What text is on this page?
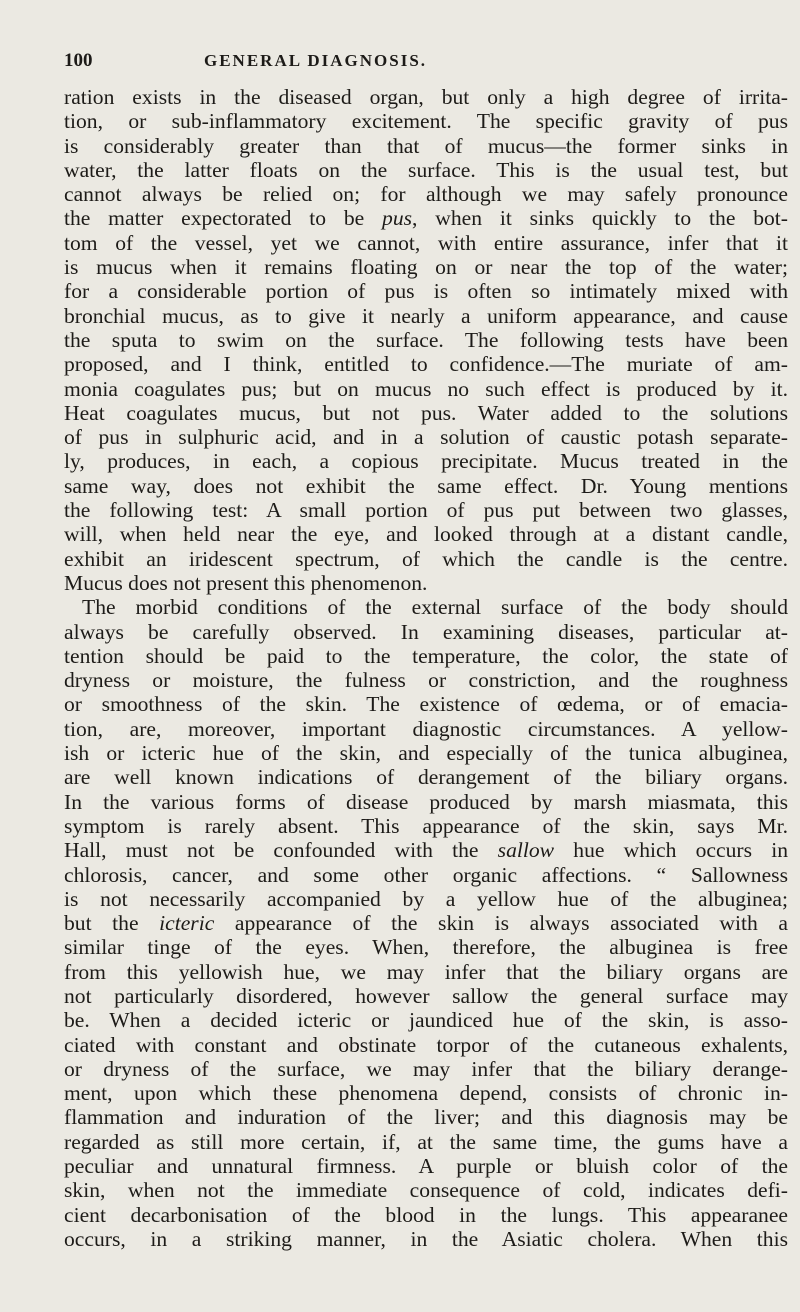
100	GENERAL DIAGNOSIS.
ration exists in the diseased organ, but only a high degree of irrita-
tion, or sub-inflammatory excitement. The specific gravity of pus
is considerably greater than that of mucus—the former sinks in
water, the latter floats on the surface. This is the usual test, but
cannot always be relied on; for although we may safely pronounce
the matter expectorated to be pus, when it sinks quickly to the bot-
tom of the vessel, yet we cannot, with entire assurance, infer that it
is mucus when it remains floating on or near the top of the water;
for a considerable portion of pus is often so intimately mixed with
bronchial mucus, as to give it nearly a uniform appearance, and cause
the sputa to swim on the surface. The following tests have been
proposed, and I think, entitled to confidence.—The muriate of am-
monia coagulates pus; but on mucus no such effect is produced by it.
Heat coagulates mucus, but not pus. Water added to the solutions
of pus in sulphuric acid, and in a solution of caustic potash separate-
ly, produces, in each, a copious precipitate. Mucus treated in the
same way, does not exhibit the same effect. Dr. Young mentions
the following test: A small portion of pus put between two glasses,
will, when held near the eye, and looked through at a distant candle,
exhibit an iridescent spectrum, of which the candle is the centre.
Mucus does not present this phenomenon.
The morbid conditions of the external surface of the body should
always be carefully observed. In examining diseases, particular at-
tention should be paid to the temperature, the color, the state of
dryness or moisture, the fulness or constriction, and the roughness
or smoothness of the skin. The existence of œdema, or of emacia-
tion, are, moreover, important diagnostic circumstances. A yellow-
ish or icteric hue of the skin, and especially of the tunica albuginea,
are well known indications of derangement of the biliary organs.
In the various forms of disease produced by marsh miasmata, this
symptom is rarely absent. This appearance of the skin, says Mr.
Hall, must not be confounded with the sallow hue which occurs in
chlorosis, cancer, and some other organic affections. “ Sallowness
is not necessarily accompanied by a yellow hue of the albuginea;
but the icteric appearance of the skin is always associated with a
similar tinge of the eyes. When, therefore, the albuginea is free
from this yellowish hue, we may infer that the biliary organs are
not particularly disordered, however sallow the general surface may
be. When a decided icteric or jaundiced hue of the skin, is asso-
ciated with constant and obstinate torpor of the cutaneous exhalents,
or dryness of the surface, we may infer that the biliary derange-
ment, upon which these phenomena depend, consists of chronic in-
flammation and induration of the liver; and this diagnosis may be
regarded as still more certain, if, at the same time, the gums have a
peculiar and unnatural firmness. A purple or bluish color of the
skin, when not the immediate consequence of cold, indicates defi-
cient decarbonisation of the blood in the lungs. This appearanee
occurs, in a striking manner, in the Asiatic cholera. When this
